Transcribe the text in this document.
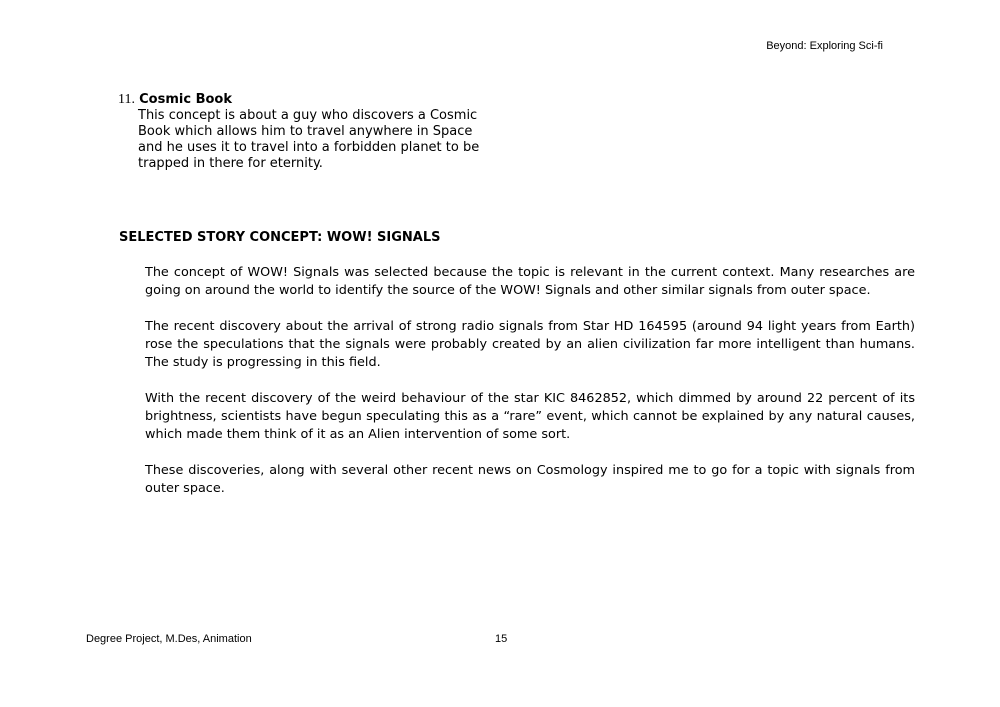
Beyond: Exploring Sci-fi
11. Cosmic Book
This concept is about a guy who discovers a Cosmic Book which allows him to travel anywhere in Space and he uses it to travel into a forbidden planet to be trapped in there for eternity.
SELECTED STORY CONCEPT: WOW! SIGNALS

The concept of WOW! Signals was selected because the topic is relevant in the current context. Many researches are going on around the world to identify the source of the WOW! Signals and other similar signals from outer space.

The recent discovery about the arrival of strong radio signals from Star HD 164595 (around 94 light years from Earth) rose the speculations that the signals were probably created by an alien civilization far more intelligent than humans. The study is progressing in this field.

With the recent discovery of the weird behaviour of the star KIC 8462852, which dimmed by around 22 percent of its brightness, scientists have begun speculating this as a “rare” event, which cannot be explained by any natural causes, which made them think of it as an Alien intervention of some sort.

These discoveries, along with several other recent news on Cosmology inspired me to go for a topic with signals from outer space.

Degree Project, M.Des, Animation	15
